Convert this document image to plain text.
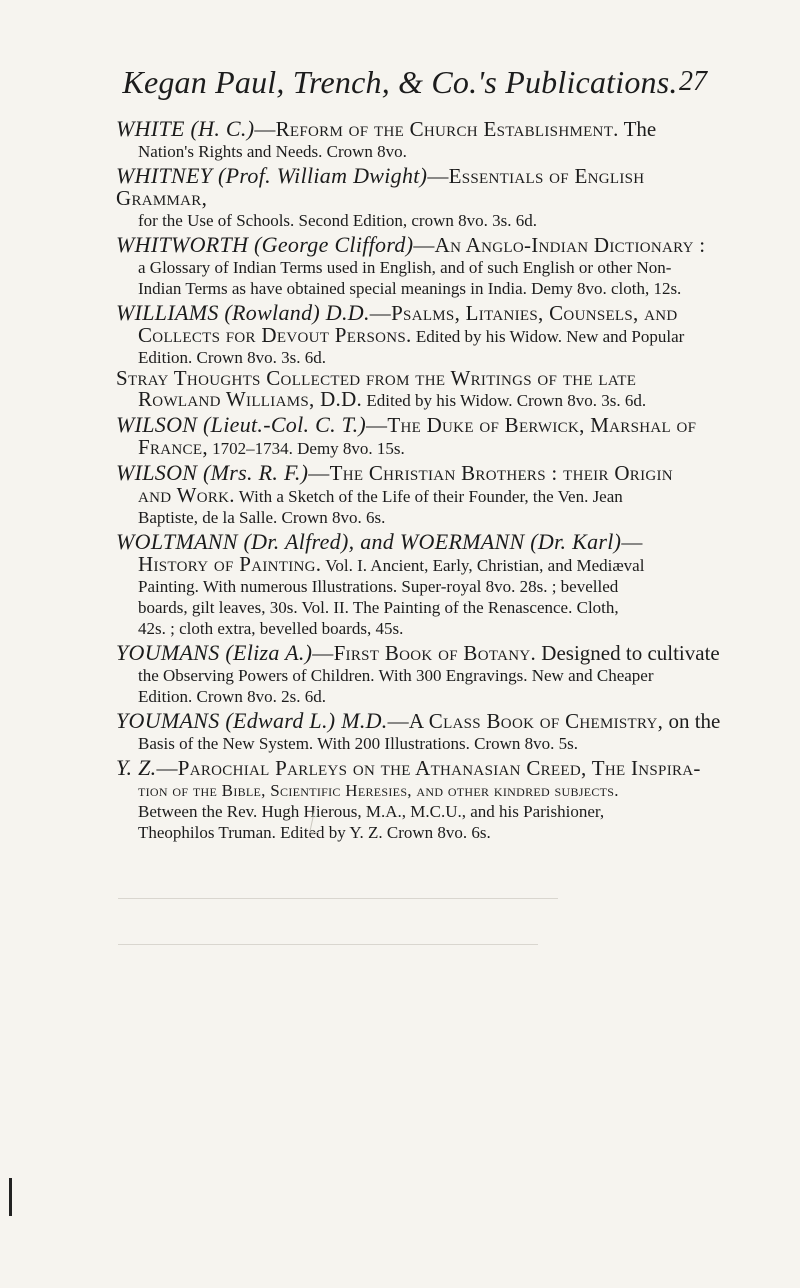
Kegan Paul, Trench, & Co.'s Publications. 27

WHITE (H. C.)—Reform of the Church Establishment. The
Nation's Rights and Needs. Crown 8vo.

WHITNEY (Prof. William Dwight)—Essentials of English Grammar,
for the Use of Schools. Second Edition, crown 8vo. 3s. 6d.

WHITWORTH (George Clifford)—An Anglo-Indian Dictionary :
a Glossary of Indian Terms used in English, and of such English or other Non-
Indian Terms as have obtained special meanings in India. Demy 8vo. cloth, 12s.

WILLIAMS (Rowland) D.D.—Psalms, Litanies, Counsels, and
Collects for Devout Persons. Edited by his Widow. New and Popular
Edition. Crown 8vo. 3s. 6d.
Stray Thoughts Collected from the Writings of the late
Rowland Williams, D.D. Edited by his Widow. Crown 8vo. 3s. 6d.

WILSON (Lieut.-Col. C. T.)—The Duke of Berwick, Marshal of
France, 1702–1734. Demy 8vo. 15s.

WILSON (Mrs. R. F.)—The Christian Brothers : their Origin
and Work. With a Sketch of the Life of their Founder, the Ven. Jean
Baptiste, de la Salle. Crown 8vo. 6s.

WOLTMANN (Dr. Alfred), and WOERMANN (Dr. Karl)—
History of Painting. Vol. I. Ancient, Early, Christian, and Mediæval
Painting. With numerous Illustrations. Super-royal 8vo. 28s. ; bevelled
boards, gilt leaves, 30s. Vol. II. The Painting of the Renascence. Cloth,
42s. ; cloth extra, bevelled boards, 45s.

YOUMANS (Eliza A.)—First Book of Botany. Designed to cultivate
the Observing Powers of Children. With 300 Engravings. New and Cheaper
Edition. Crown 8vo. 2s. 6d.

YOUMANS (Edward L.) M.D.—A Class Book of Chemistry, on the
Basis of the New System. With 200 Illustrations. Crown 8vo. 5s.

Y. Z.—Parochial Parleys on the Athanasian Creed, The Inspira-
tion of the Bible, Scientific Heresies, and other kindred subjects.
Between the Rev. Hugh Hierous, M.A., M.C.U., and his Parishioner,
Theophilos Truman. Edited by Y. Z. Crown 8vo. 6s.
